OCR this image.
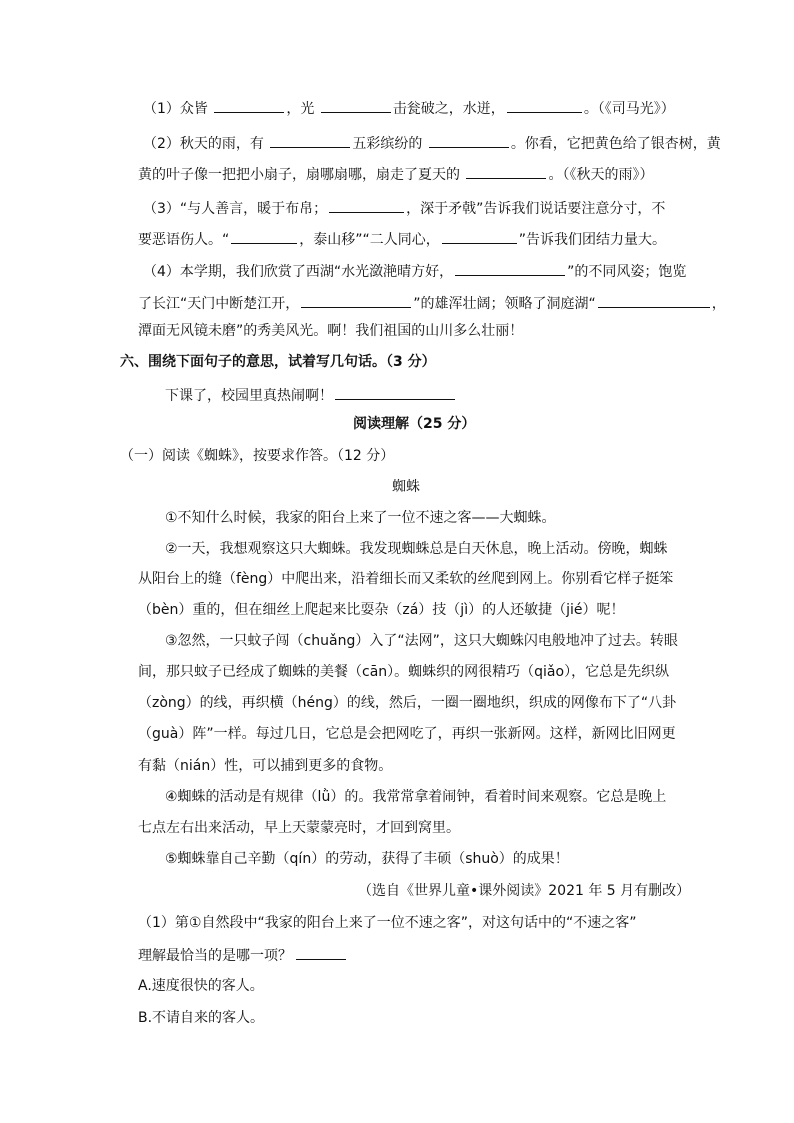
（1）众皆	，光	击瓮破之，水迸，	。（《司马光》）
（2）秋天的雨，有	五彩缤纷的	。你看，它把黄色给了银杏树，黄
黄的叶子像一把把小扇子，扇哪扇哪，扇走了夏天的	。（《秋天的雨》）
（3）“与人善言，暖于布帛；	，深于矛戟”告诉我们说话要注意分寸，不
要恶语伤人。“	，泰山移”“二人同心，	”告诉我们团结力量大。
（4）本学期，我们欣赏了西湖“水光潋滟晴方好，	”的不同风姿；饱览
了长江“天门中断楚江开，	”的雄浑壮阔；领略了洞庭湖“	，
潭面无风镜未磨”的秀美风光。啊！我们祖国的山川多么壮丽！
六、围绕下面句子的意思，试着写几句话。（3 分）
下课了，校园里真热闹啊！
阅读理解（25 分）
（一）阅读《蜘蛛》，按要求作答。（12 分）
蜘蛛
①不知什么时候，我家的阳台上来了一位不速之客——大蜘蛛。
②一天，我想观察这只大蜘蛛。我发现蜘蛛总是白天休息，晚上活动。傍晚，蜘蛛
从阳台上的缝（fèng）中爬出来，沿着细长而又柔软的丝爬到网上。你别看它样子挺笨
（bèn）重的，但在细丝上爬起来比耍杂（zá）技（jì）的人还敏捷（jié）呢！
③忽然，一只蚊子闯（chuǎng）入了“法网”，这只大蜘蛛闪电般地冲了过去。转眼
间，那只蚊子已经成了蜘蛛的美餐（cān）。蜘蛛织的网很精巧（qiǎo），它总是先织纵
（zòng）的线，再织横（héng）的线，然后，一圈一圈地织，织成的网像布下了“八卦
（guà）阵”一样。每过几日，它总是会把网吃了，再织一张新网。这样，新网比旧网更
有黏（nián）性，可以捕到更多的食物。
④蜘蛛的活动是有规律（lǜ）的。我常常拿着闹钟，看着时间来观察。它总是晚上
七点左右出来活动，早上天蒙蒙亮时，才回到窝里。
⑤蜘蛛靠自己辛勤（qín）的劳动，获得了丰硕（shuò）的成果！
（选自《世界儿童•课外阅读》2021 年 5 月有删改）
（1）第①自然段中“我家的阳台上来了一位不速之客”，对这句话中的“不速之客”
理解最恰当的是哪一项？
A.速度很快的客人。
B.不请自来的客人。
